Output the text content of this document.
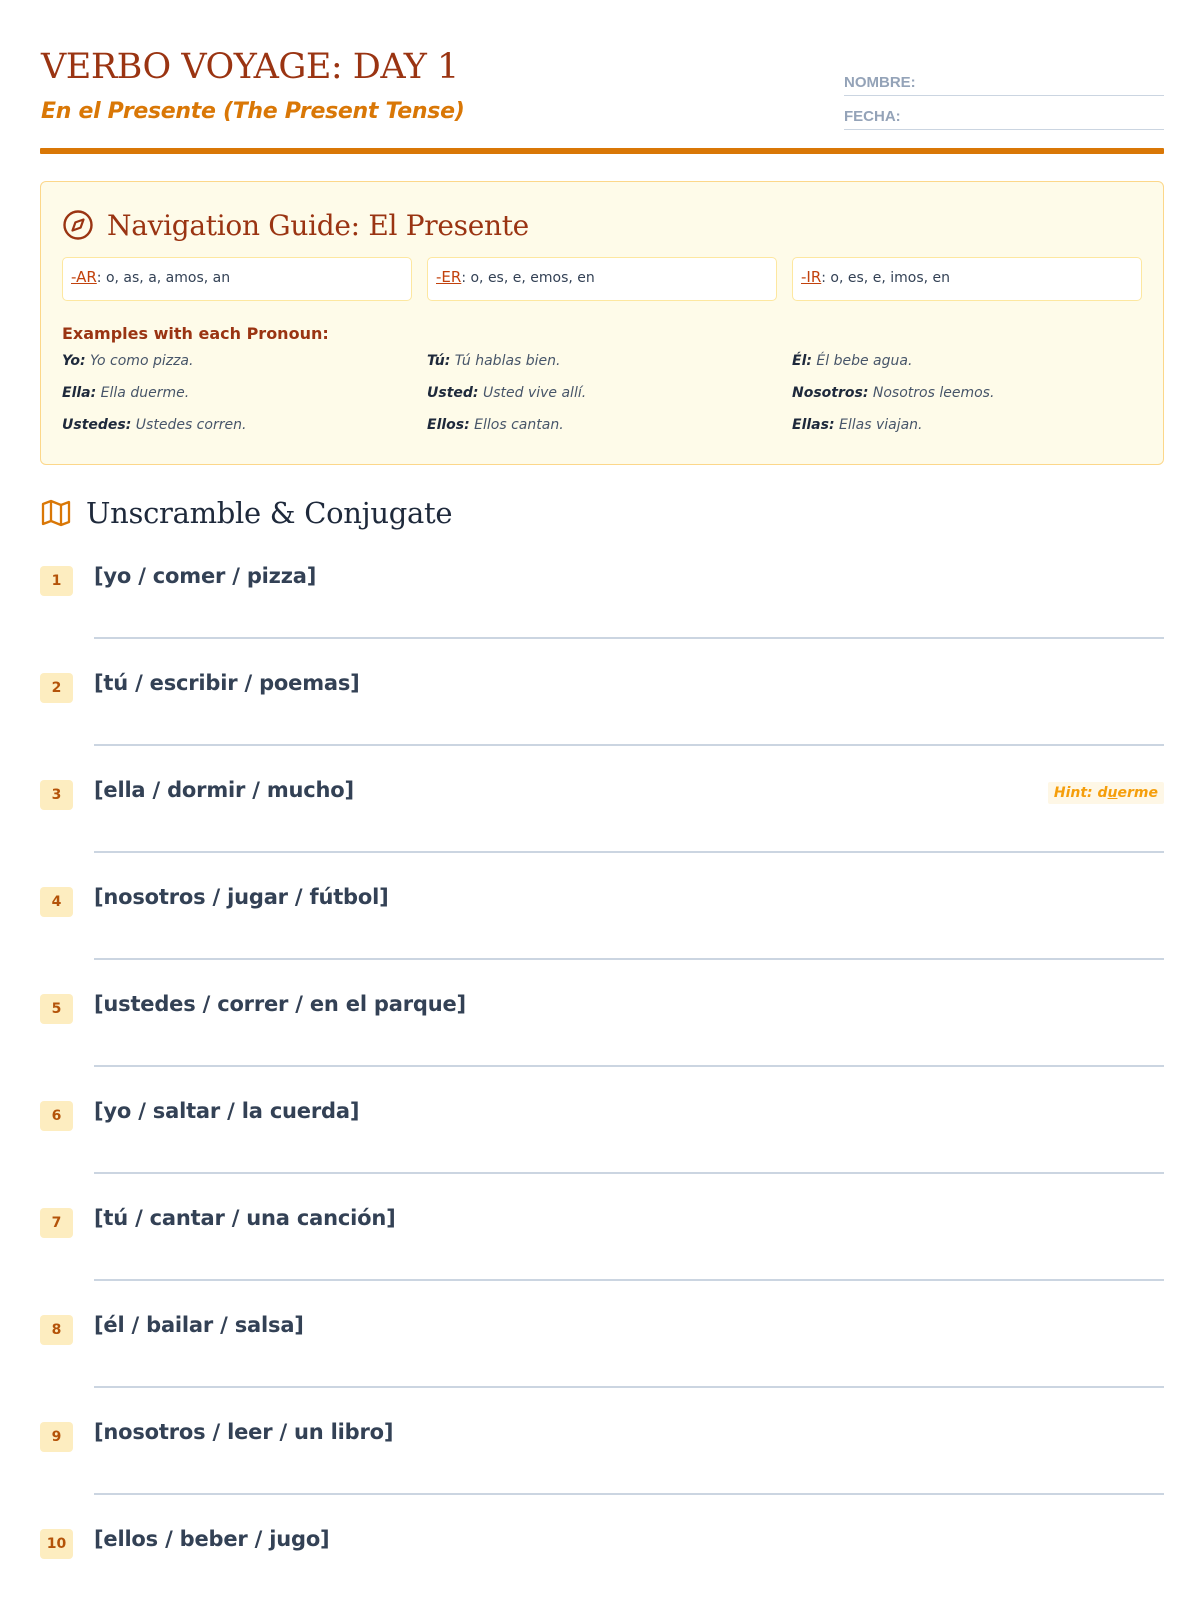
VERBO VOYAGE: DAY 1
En el Presente (The Present Tense)
NOMBRE:
FECHA:
Navigation Guide: El Presente
-AR: o, as, a, amos, an	-ER: o, es, e, emos, en	-IR: o, es, e, imos, en
Examples with each Pronoun:
Yo: Yo como pizza.	Tú: Tú hablas bien.	Él: Él bebe agua.
Ella: Ella duerme.	Usted: Usted vive allí.	Nosotros: Nosotros leemos.
Ustedes: Ustedes corren.	Ellos: Ellos cantan.	Ellas: Ellas viajan.
Unscramble & Conjugate
1	[yo / comer / pizza]
2	[tú / escribir / poemas]
3	[ella / dormir / mucho]	Hint: duerme
4	[nosotros / jugar / fútbol]
5	[ustedes / correr / en el parque]
6	[yo / saltar / la cuerda]
7	[tú / cantar / una canción]
8	[él / bailar / salsa]
9	[nosotros / leer / un libro]
10	[ellos / beber / jugo]
